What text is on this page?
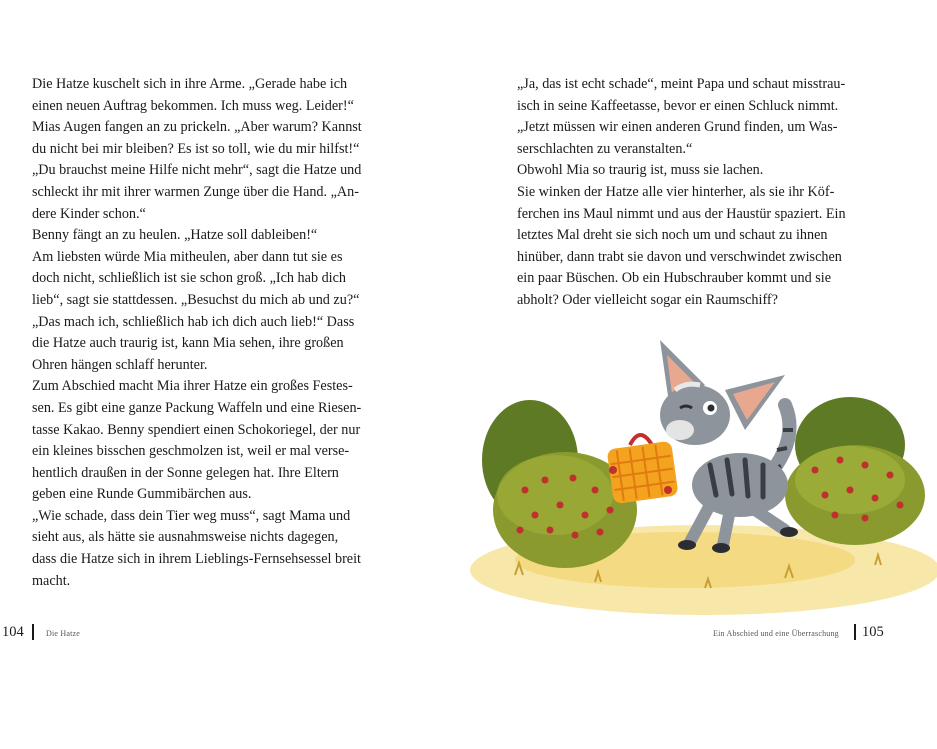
Die Hatze kuschelt sich in ihre Arme. „Gerade habe ich

einen neuen Auftrag bekommen. Ich muss weg. Leider!“

Mias Augen fangen an zu prickeln. „Aber warum? Kannst

du nicht bei mir bleiben? Es ist so toll, wie du mir hilfst!“

„Du brauchst meine Hilfe nicht mehr“, sagt die Hatze und

schleckt ihr mit ihrer warmen Zunge über die Hand. „An-

dere Kinder schon.“

Benny fängt an zu heulen. „Hatze soll dableiben!“

Am liebsten würde Mia mitheulen, aber dann tut sie es

doch nicht, schließlich ist sie schon groß. „Ich hab dich

lieb“, sagt sie stattdessen. „Besuchst du mich ab und zu?“

„Das mach ich, schließlich hab ich dich auch lieb!“ Dass

die Hatze auch traurig ist, kann Mia sehen, ihre großen

Ohren hängen schlaff herunter.

Zum Abschied macht Mia ihrer Hatze ein großes Festes-

sen. Es gibt eine ganze Packung Waffeln und eine Riesen-

tasse Kakao. Benny spendiert einen Schokoriegel, der nur

ein kleines bisschen geschmolzen ist, weil er mal verse-

hentlich draußen in der Sonne gelegen hat. Ihre Eltern

geben eine Runde Gummibärchen aus.

„Wie schade, dass dein Tier weg muss“, sagt Mama und

sieht aus, als hätte sie ausnahmsweise nichts dagegen,

dass die Hatze sich in ihrem Lieblings-Fernsehsessel breit

macht.

„Ja, das ist echt schade“, meint Papa und schaut misstrau-

isch in seine Kaffeetasse, bevor er einen Schluck nimmt.

„Jetzt müssen wir einen anderen Grund finden, um Was-

serschlachten zu veranstalten.“

Obwohl Mia so traurig ist, muss sie lachen.

Sie winken der Hatze alle vier hinterher, als sie ihr Köf-

ferchen ins Maul nimmt und aus der Haustür spaziert. Ein

letztes Mal dreht sie sich noch um und schaut zu ihnen

hinüber, dann trabt sie davon und verschwindet zwischen

ein paar Büschen. Ob ein Hubschrauber kommt und sie

abholt? Oder vielleicht sogar ein Raumschiff?

104	Die Hatze	Ein Abschied und eine Überraschung 105
